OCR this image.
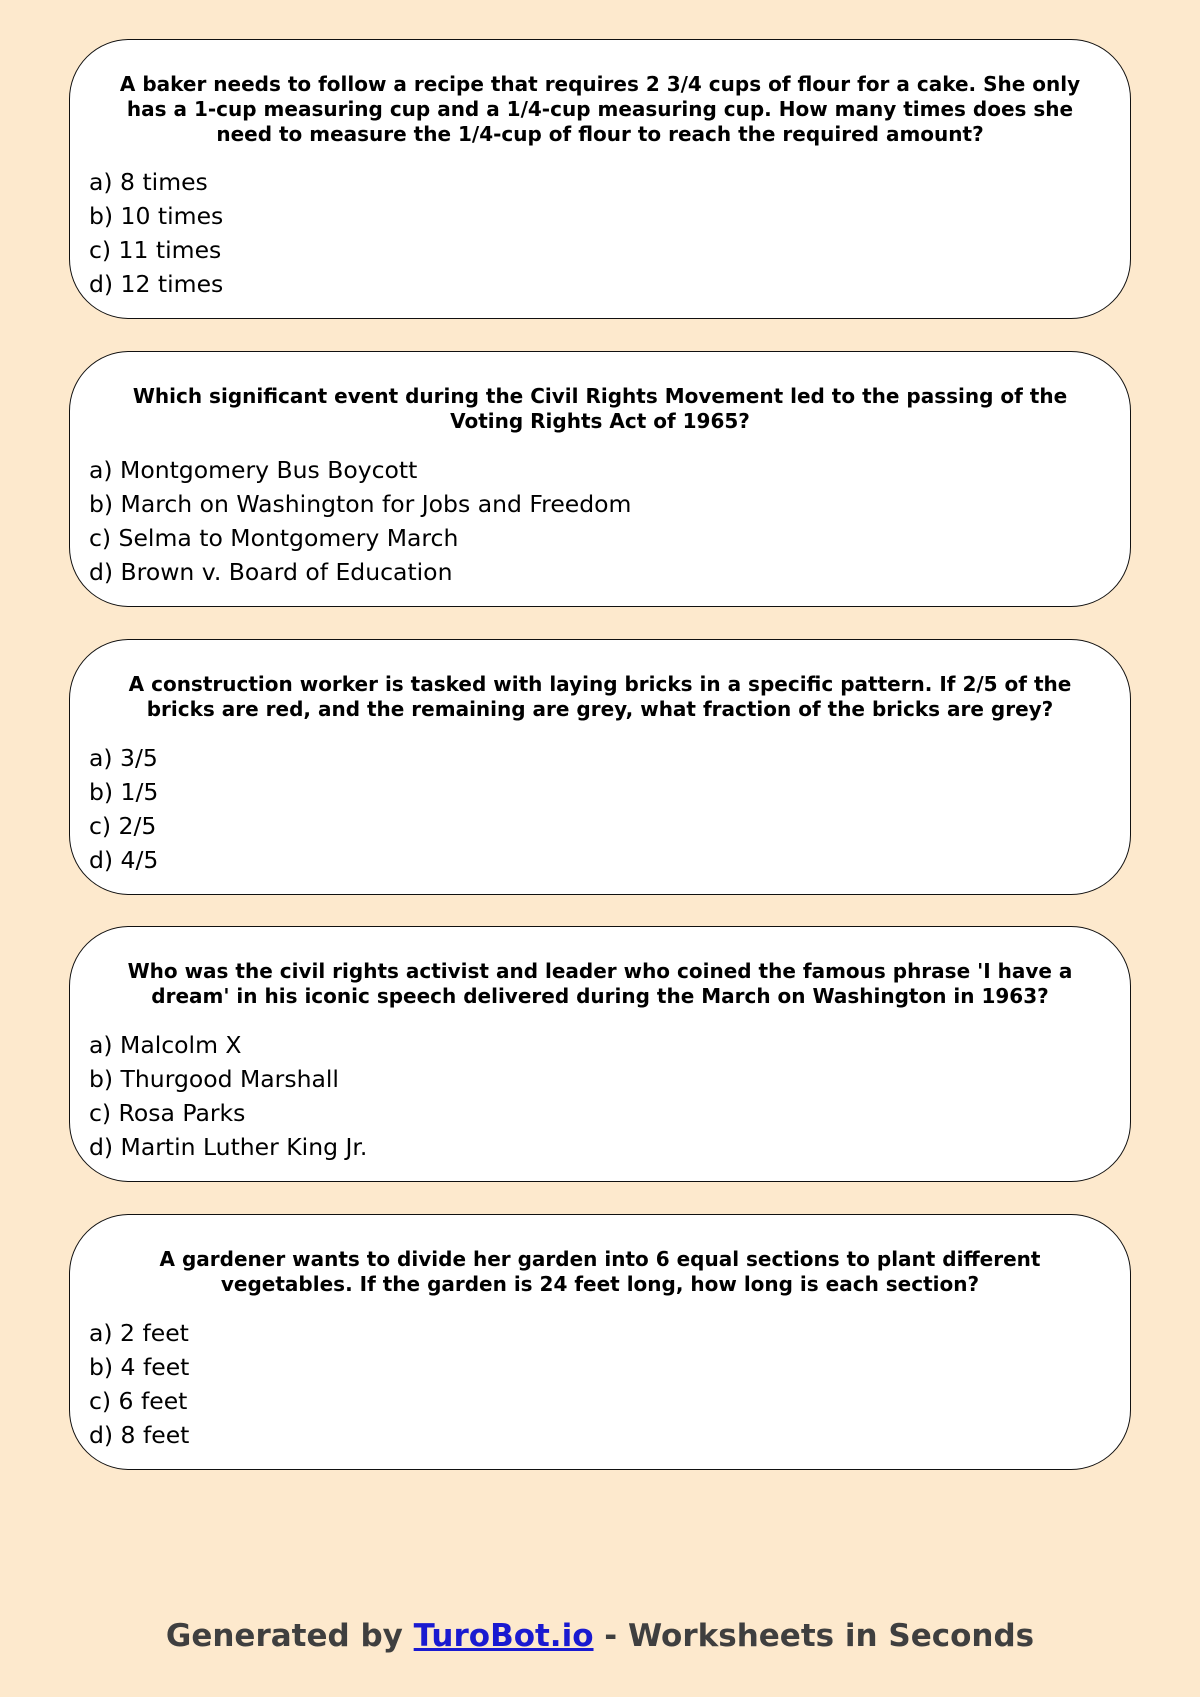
A baker needs to follow a recipe that requires 2 3/4 cups of flour for a cake. She only has a 1-cup measuring cup and a 1/4-cup measuring cup. How many times does she need to measure the 1/4-cup of flour to reach the required amount?

a) 8 times
b) 10 times
c) 11 times
d) 12 times

Which significant event during the Civil Rights Movement led to the passing of the Voting Rights Act of 1965?

a) Montgomery Bus Boycott
b) March on Washington for Jobs and Freedom
c) Selma to Montgomery March
d) Brown v. Board of Education

A construction worker is tasked with laying bricks in a specific pattern. If 2/5 of the bricks are red, and the remaining are grey, what fraction of the bricks are grey?

a) 3/5
b) 1/5
c) 2/5
d) 4/5

Who was the civil rights activist and leader who coined the famous phrase 'I have a dream' in his iconic speech delivered during the March on Washington in 1963?

a) Malcolm X
b) Thurgood Marshall
c) Rosa Parks
d) Martin Luther King Jr.

A gardener wants to divide her garden into 6 equal sections to plant different vegetables. If the garden is 24 feet long, how long is each section?

a) 2 feet
b) 4 feet
c) 6 feet
d) 8 feet
Generated by TuroBot.io - Worksheets in Seconds
